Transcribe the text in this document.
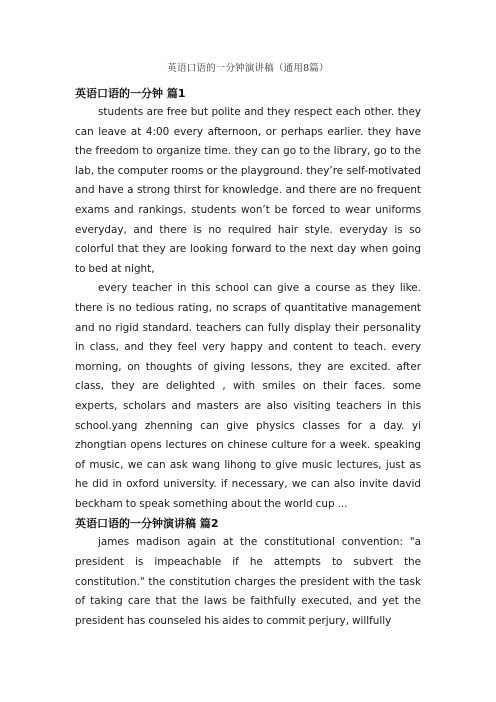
英语口语的一分钟演讲稿（通用8篇）

英语口语的一分钟 篇1

students are free but polite and they respect each other. they can leave at 4:00 every afternoon, or perhaps earlier. they have the freedom to organize time. they can go to the library, go to the lab, the computer rooms or the playground. they’re self-motivated and have a strong thirst for knowledge. and there are no frequent exams and rankings. students won’t be forced to wear uniforms everyday, and there is no required hair style. everyday is so colorful that they are looking forward to the next day when going to bed at night,

every teacher in this school can give a course as they like. there is no tedious rating, no scraps of quantitative management and no rigid standard. teachers can fully display their personality in class, and they feel very happy and content to teach. every morning, on thoughts of giving lessons, they are excited. after class, they are delighted , with smiles on their faces. some experts, scholars and masters are also visiting teachers in this school.yang zhenning can give physics classes for a day. yi zhongtian opens lectures on chinese culture for a week. speaking of music, we can ask wang lihong to give music lectures, just as he did in oxford university. if necessary, we can also invite david beckham to speak something about the world cup ...

英语口语的一分钟演讲稿 篇2

james madison again at the constitutional convention: "a president is impeachable if he attempts to subvert the constitution." the constitution charges the president with the task of taking care that the laws be faithfully executed, and yet the president has counseled his aides to commit perjury, willfully
